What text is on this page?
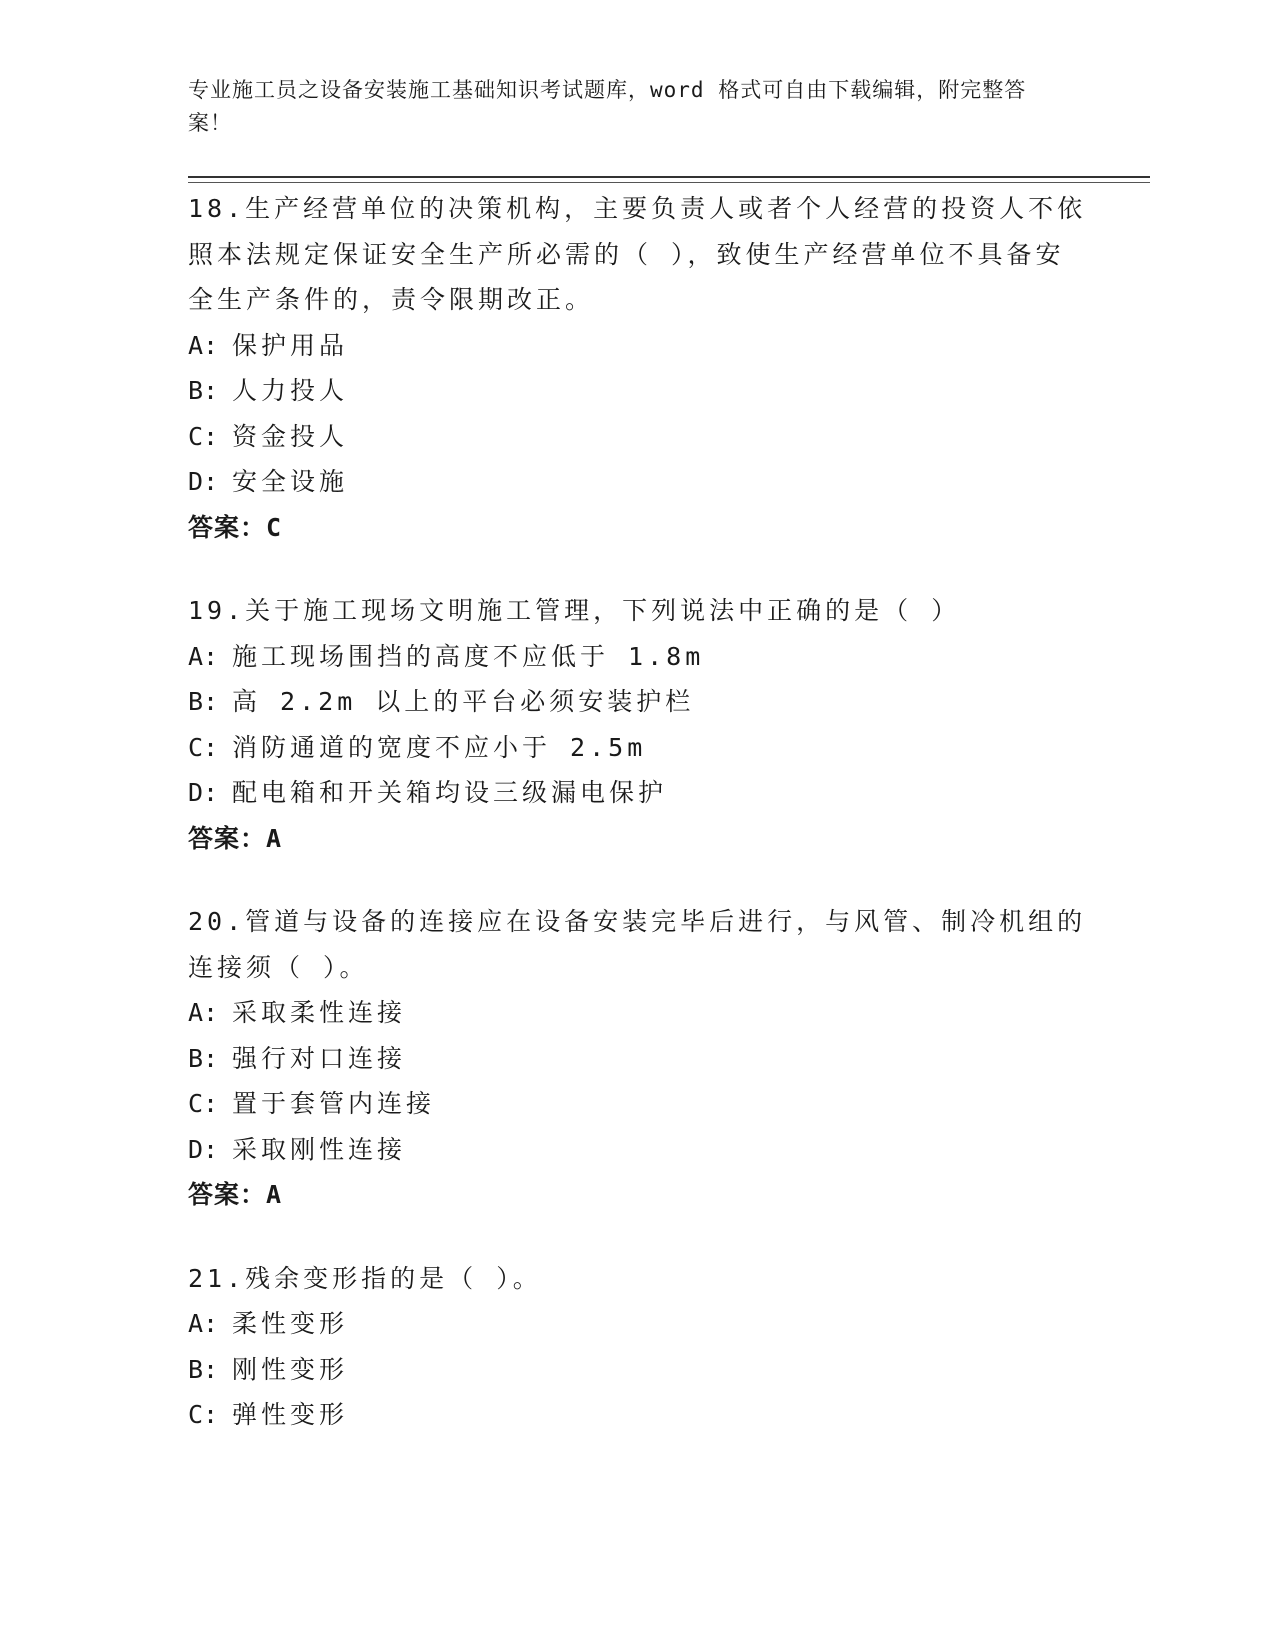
专业施工员之设备安装施工基础知识考试题库，word 格式可自由下载编辑，附完整答案！

18.生产经营单位的决策机构，主要负责人或者个人经营的投资人不依照本法规定保证安全生产所必需的（ ），致使生产经营单位不具备安全生产条件的，责令限期改正。

A: 保护用品

B: 人力投人

C: 资金投人

D: 安全设施

答案：C

19.关于施工现场文明施工管理，下列说法中正确的是（ ）

A: 施工现场围挡的高度不应低于 1.8m

B: 高 2.2m 以上的平台必须安装护栏

C: 消防通道的宽度不应小于 2.5m

D: 配电箱和开关箱均设三级漏电保护

答案：A

20.管道与设备的连接应在设备安装完毕后进行，与风管、制冷机组的连接须（ ）。

A: 采取柔性连接

B: 强行对口连接

C: 置于套管内连接

D: 采取刚性连接

答案：A

21.残余变形指的是（ ）。

A: 柔性变形

B: 刚性变形

C: 弹性变形
